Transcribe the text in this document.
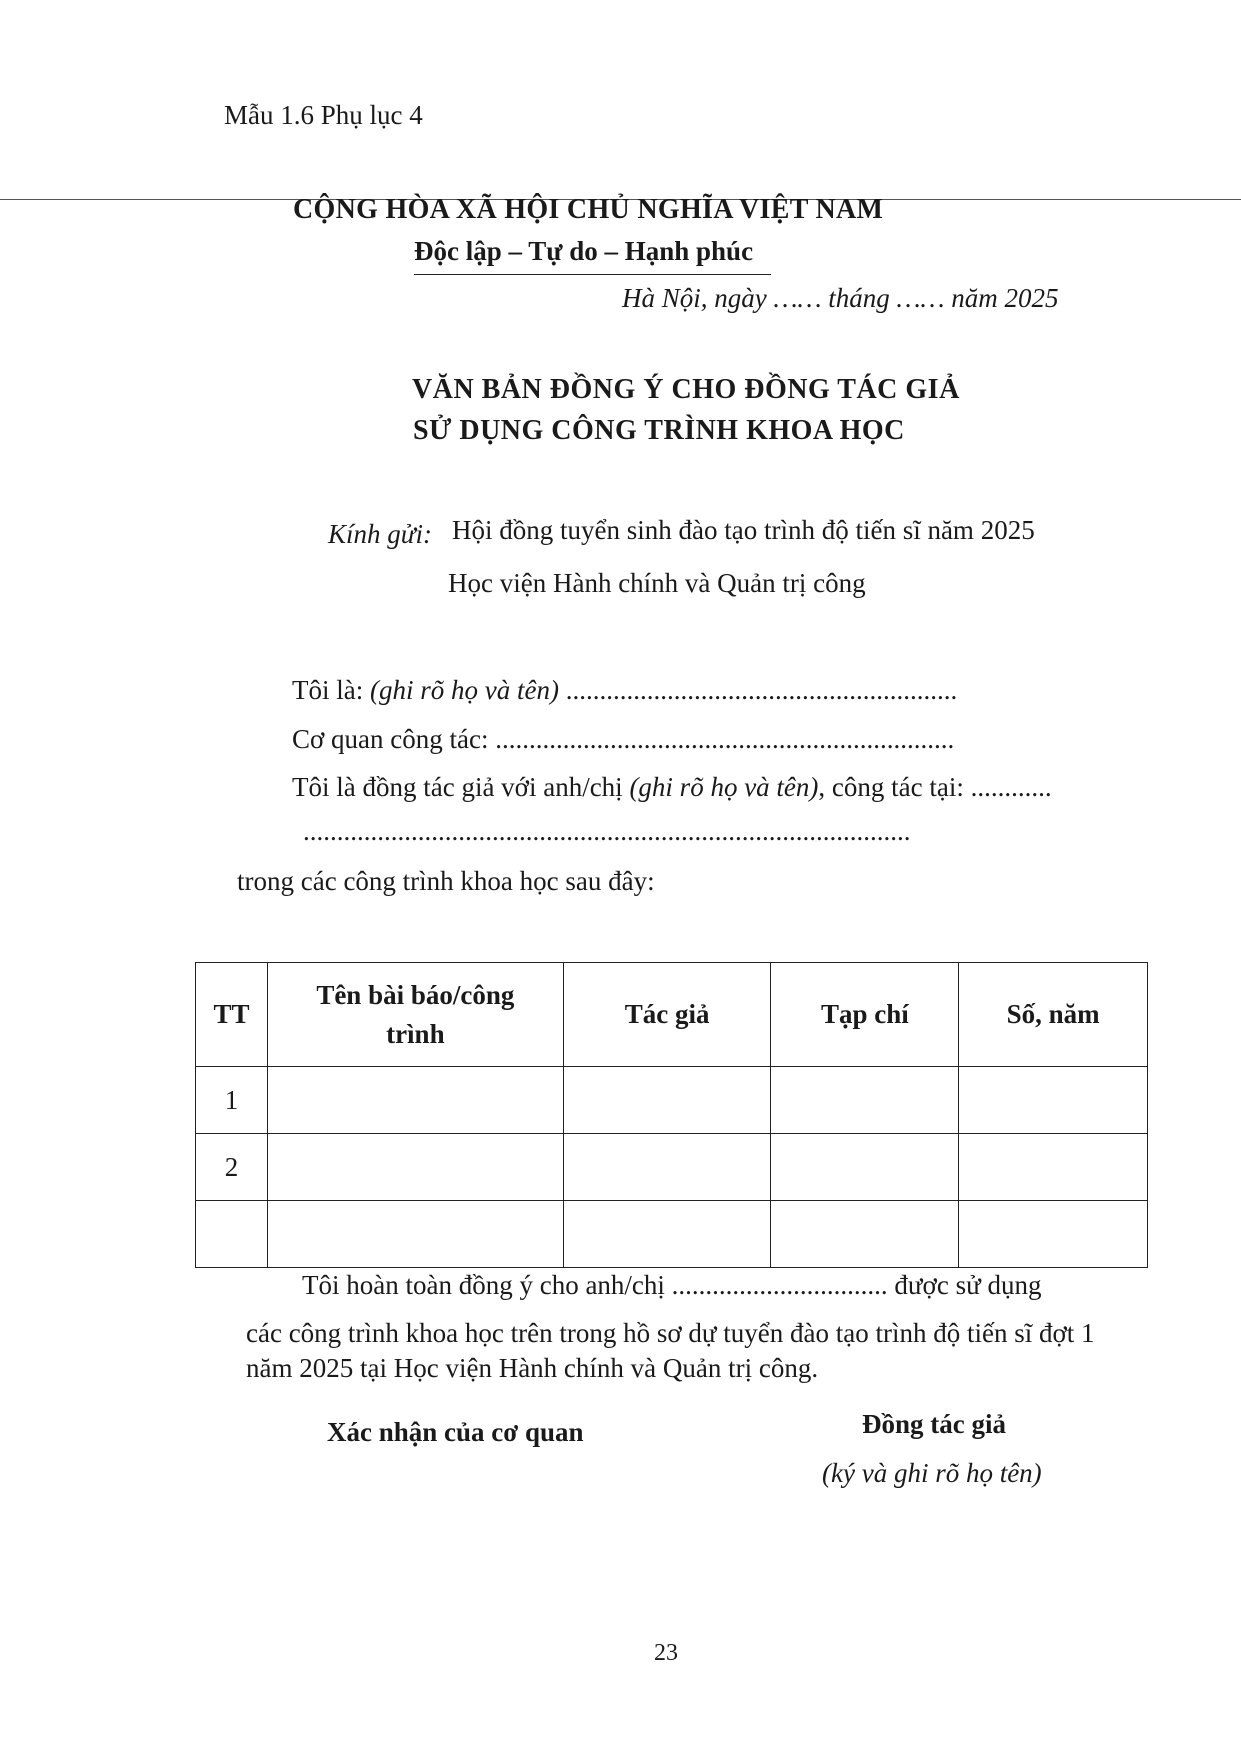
Mẫu 1.6 Phụ lục 4
CỘNG HÒA XÃ HỘI CHỦ NGHĨA VIỆT NAM
Độc lập – Tự do – Hạnh phúc
Hà Nội, ngày …… tháng …… năm 2025
VĂN BẢN ĐỒNG Ý CHO ĐỒNG TÁC GIẢ
SỬ DỤNG CÔNG TRÌNH KHOA HỌC
Kính gửi: Hội đồng tuyển sinh đào tạo trình độ tiến sĩ năm 2025
Học viện Hành chính và Quản trị công
Tôi là: (ghi rõ họ và tên) ..........................................................
Cơ quan công tác: ....................................................................
Tôi là đồng tác giả với anh/chị (ghi rõ họ và tên), công tác tại: ............
..........................................................................................
trong các công trình khoa học sau đây:
TT	Tên bài báo/công trình	Tác giả	Tạp chí	Số, năm
1				
2				

Tôi hoàn toàn đồng ý cho anh/chị ................................ được sử dụng
các công trình khoa học trên trong hồ sơ dự tuyển đào tạo trình độ tiến sĩ đợt 1
năm 2025 tại Học viện Hành chính và Quản trị công.
Xác nhận của cơ quan	Đồng tác giả
(ký và ghi rõ họ tên)
23
